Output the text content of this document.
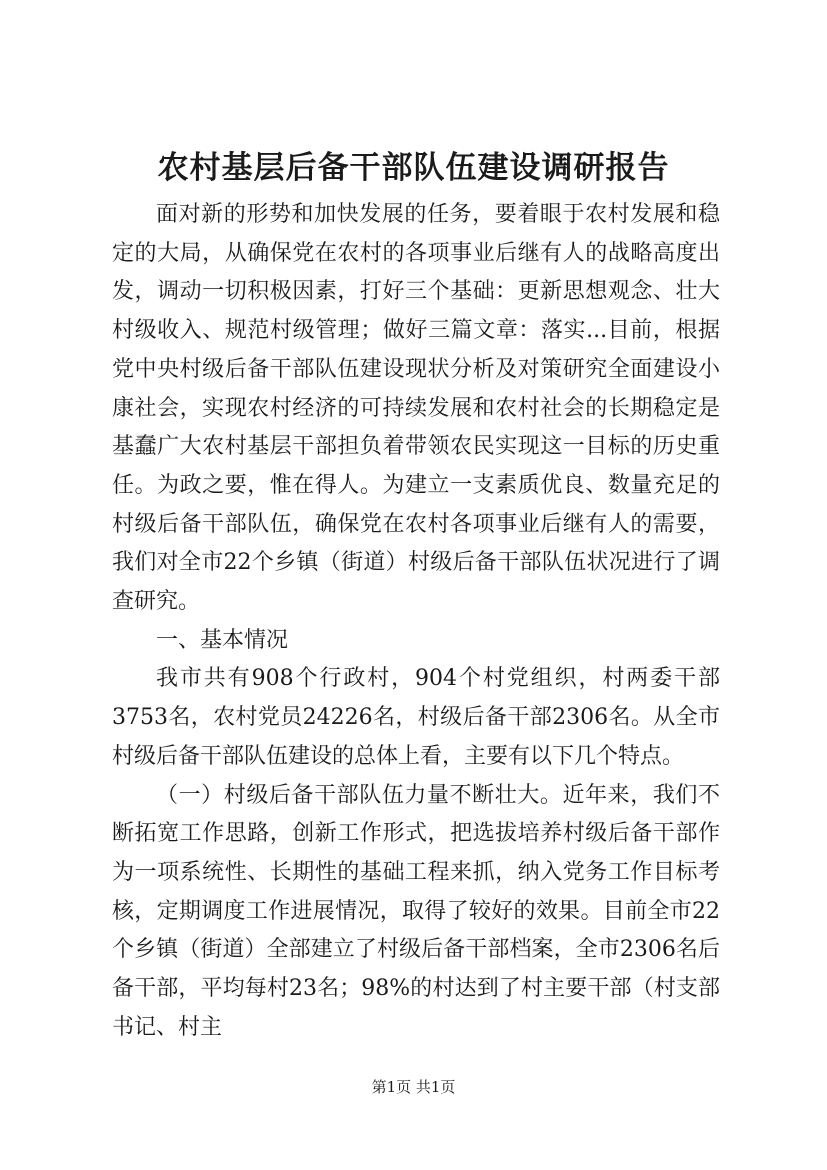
农村基层后备干部队伍建设调研报告

面对新的形势和加快发展的任务，要着眼于农村发展和稳定的大局，从确保党在农村的各项事业后继有人的战略高度出发，调动一切积极因素，打好三个基础：更新思想观念、壮大村级收入、规范村级管理；做好三篇文章：落实...目前，根据党中央村级后备干部队伍建设现状分析及对策研究全面建设小康社会，实现农村经济的可持续发展和农村社会的长期稳定是基蠢广大农村基层干部担负着带领农民实现这一目标的历史重任。为政之要，惟在得人。为建立一支素质优良、数量充足的村级后备干部队伍，确保党在农村各项事业后继有人的需要，我们对全市22个乡镇（街道）村级后备干部队伍状况进行了调查研究。

一、基本情况

我市共有908个行政村，904个村党组织，村两委干部3753名，农村党员24226名，村级后备干部2306名。从全市村级后备干部队伍建设的总体上看，主要有以下几个特点。

（一）村级后备干部队伍力量不断壮大。近年来，我们不断拓宽工作思路，创新工作形式，把选拔培养村级后备干部作为一项系统性、长期性的基础工程来抓，纳入党务工作目标考核，定期调度工作进展情况，取得了较好的效果。目前全市22个乡镇（街道）全部建立了村级后备干部档案，全市2306名后备干部，平均每村23名；98%的村达到了村主要干部（村支部书记、村主

第1页 共1页
